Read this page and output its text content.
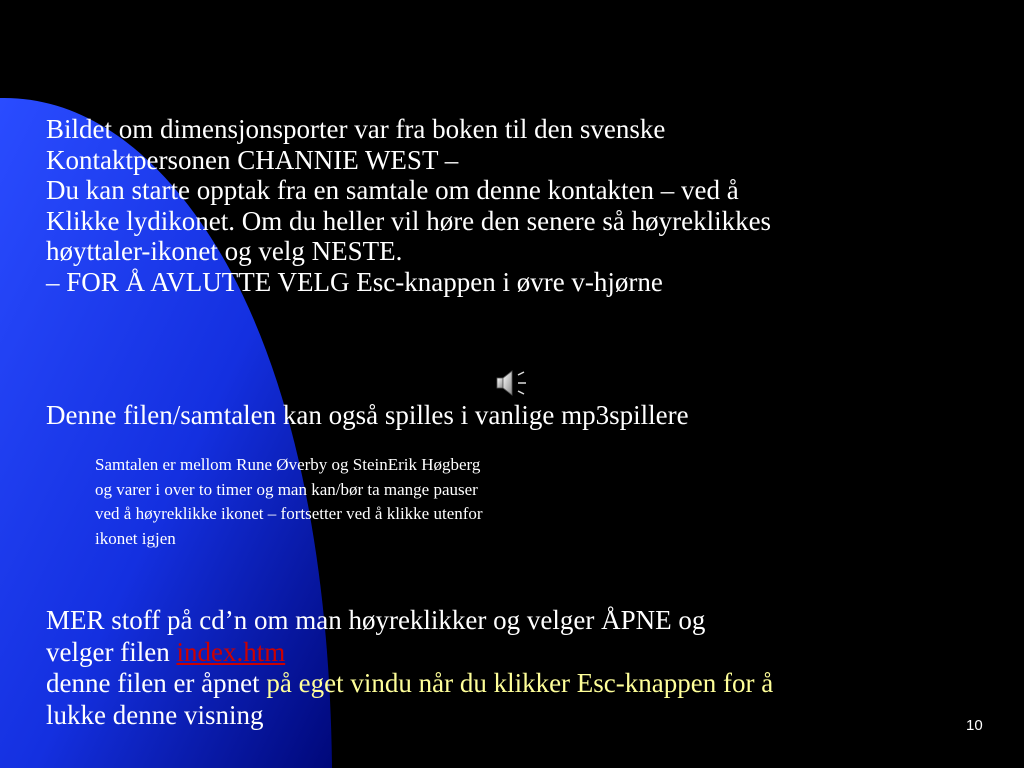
Bildet om dimensjonsporter var fra boken til den svenske
Kontaktpersonen CHANNIE WEST –
Du kan starte opptak fra en samtale om denne kontakten – ved å
Klikke lydikonet. Om du heller vil høre den senere så høyreklikkes
høyttaler-ikonet og velg NESTE.
– FOR Å AVLUTTE VELG Esc-knappen i øvre v-hjørne
Denne filen/samtalen kan også spilles i vanlige mp3spillere
Samtalen er mellom Rune Øverby og SteinErik Høgberg
og varer i over to timer og man kan/bør ta mange pauser
ved å høyreklikke ikonet – fortsetter ved å klikke utenfor
ikonet igjen
MER stoff på cd’n om man høyreklikker og velger ÅPNE og
velger filen index.htm
denne filen er åpnet på eget vindu når du klikker Esc-knappen for å
lukke denne visning	10
